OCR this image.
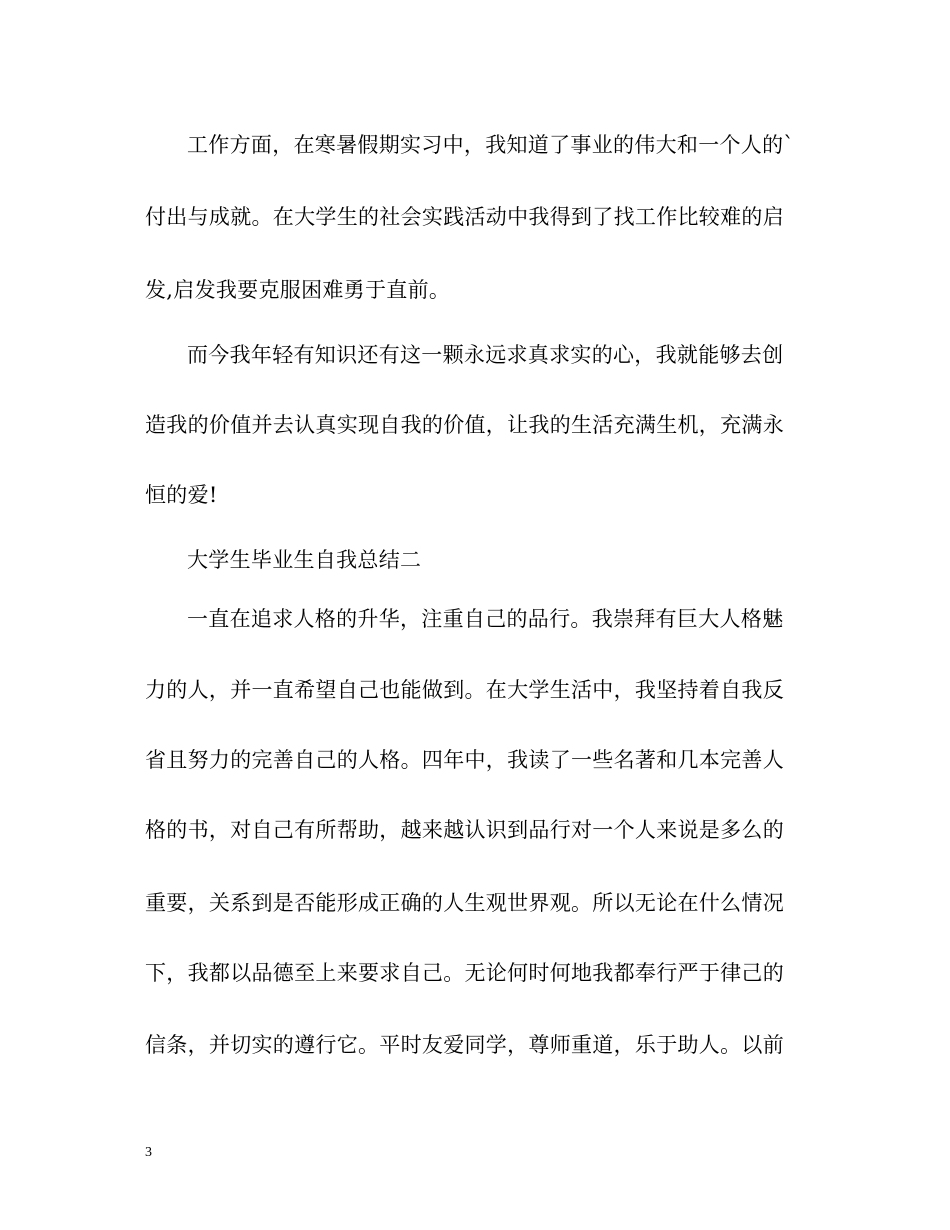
工作方面，在寒暑假期实习中，我知道了事业的伟大和一个人的`
付出与成就。在大学生的社会实践活动中我得到了找工作比较难的启
发,启发我要克服困难勇于直前。
而今我年轻有知识还有这一颗永远求真求实的心，我就能够去创
造我的价值并去认真实现自我的价值，让我的生活充满生机，充满永
恒的爱!
大学生毕业生自我总结二
一直在追求人格的升华，注重自己的品行。我崇拜有巨大人格魅
力的人，并一直希望自己也能做到。在大学生活中，我坚持着自我反
省且努力的完善自己的人格。四年中，我读了一些名著和几本完善人
格的书，对自己有所帮助，越来越认识到品行对一个人来说是多么的
重要，关系到是否能形成正确的人生观世界观。所以无论在什么情况
下，我都以品德至上来要求自己。无论何时何地我都奉行严于律己的
信条，并切实的遵行它。平时友爱同学，尊师重道，乐于助人。以前
3
